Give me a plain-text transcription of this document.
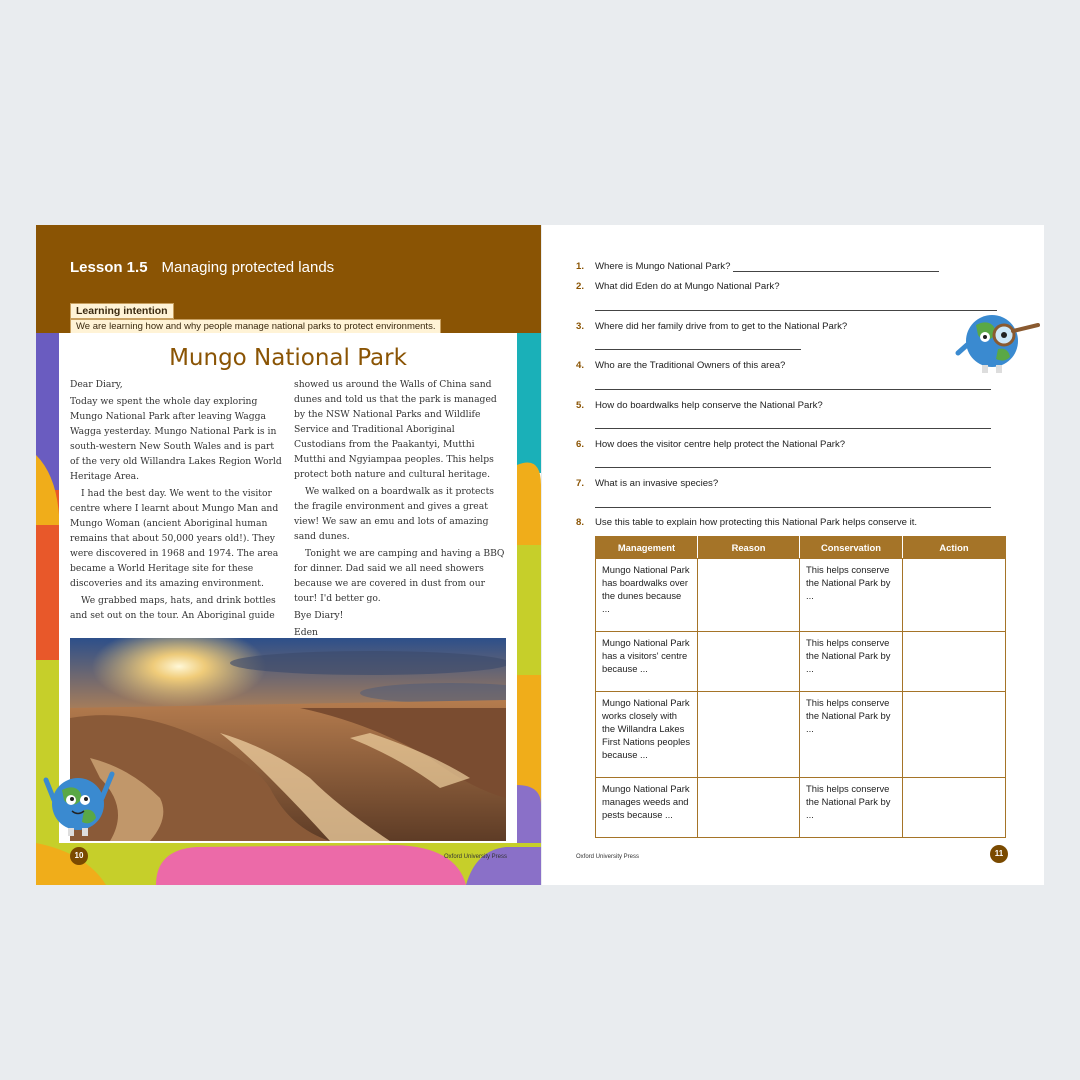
Lesson 1.5 Managing protected lands
Learning intention
We are learning how and why people manage national parks to protect environments.
Mungo National Park

Dear Diary,

Today we spent the whole day exploring Mungo National Park after leaving Wagga Wagga yesterday. Mungo National Park is in south-western New South Wales and is part of the very old Willandra Lakes Region World Heritage Area.

I had the best day. We went to the visitor centre where I learnt about Mungo Man and Mungo Woman (ancient Aboriginal human remains that about 50,000 years old!). They were discovered in 1968 and 1974. The area became a World Heritage site for these discoveries and its amazing environment.

We grabbed maps, hats, and drink bottles and set out on the tour. An Aboriginal guide

showed us around the Walls of China sand dunes and told us that the park is managed by the NSW National Parks and Wildlife Service and Traditional Aboriginal Custodians from the Paakantyi, Mutthi Mutthi and Ngyiampaa peoples. This helps protect both nature and cultural heritage.

We walked on a boardwalk as it protects the fragile environment and gives a great view! We saw an emu and lots of amazing sand dunes.

Tonight we are camping and having a BBQ for dinner. Dad said we all need showers because we are covered in dust from our tour! I'd better go.

Bye Diary!

Eden

10	Oxford University Press
1. Where is Mungo National Park?
2. What did Eden do at Mungo National Park?
3. Where did her family drive from to get to the National Park?
4. Who are the Traditional Owners of this area?
5. How do boardwalks help conserve the National Park?
6. How does the visitor centre help protect the National Park?
7. What is an invasive species?
8. Use this table to explain how protecting this National Park helps conserve it.
Management	Reason	Conservation	Action
Mungo National Park has boardwalks over the dunes because ...		This helps conserve the National Park by ...	
Mungo National Park has a visitors' centre because ...		This helps conserve the National Park by ...	
Mungo National Park works closely with the Willandra Lakes First Nations peoples because ...		This helps conserve the National Park by ...	
Mungo National Park manages weeds and pests because ...		This helps conserve the National Park by ...	
Oxford University Press	11
